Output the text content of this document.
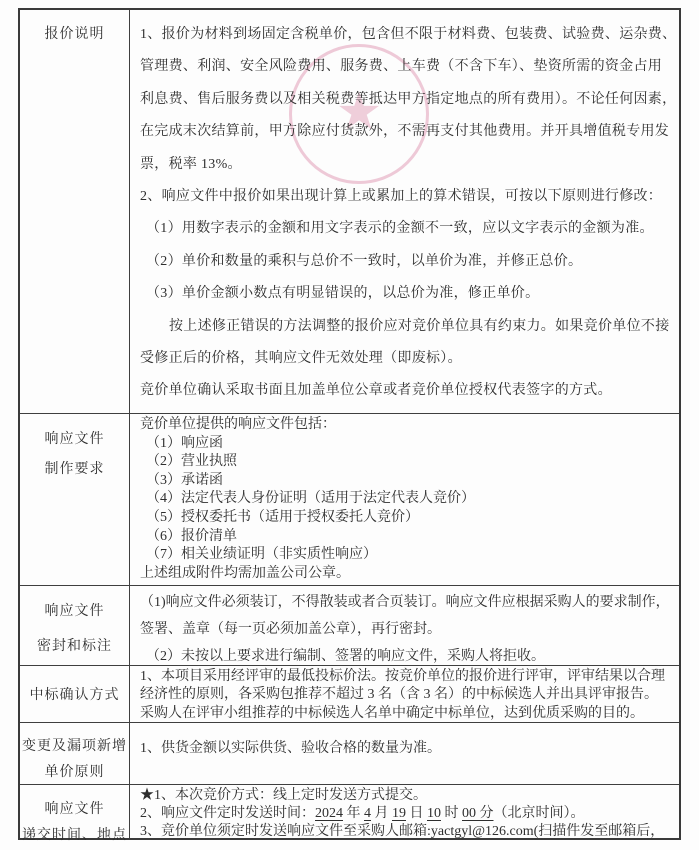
★
报价说明	1、报价为材料到场固定含税单价，包含但不限于材料费、包装费、试验费、运杂费、
管理费、利润、安全风险费用、服务费、上车费（不含下车）、垫资所需的资金占用
利息费、售后服务费以及相关税费等抵达甲方指定地点的所有费用）。不论任何因素，
在完成末次结算前，甲方除应付货款外，不需再支付其他费用。并开具增值税专用发
票，税率 13%。
2、响应文件中报价如果出现计算上或累加上的算术错误，可按以下原则进行修改：
（1）用数字表示的金额和用文字表示的金额不一致，应以文字表示的金额为准。
（2）单价和数量的乘积与总价不一致时，以单价为准，并修正总价。
（3）单价金额小数点有明显错误的，以总价为准，修正单价。
按上述修正错误的方法调整的报价应对竞价单位具有约束力。如果竞价单位不接
受修正后的价格，其响应文件无效处理（即废标）。
竞价单位确认采取书面且加盖单位公章或者竞价单位授权代表签字的方式。
响应文件
制作要求
竞价单位提供的响应文件包括：
（1）响应函
（2）营业执照
（3）承诺函
（4）法定代表人身份证明（适用于法定代表人竞价）
（5）授权委托书（适用于授权委托人竞价）
（6）报价清单
（7）相关业绩证明（非实质性响应）
上述组成附件均需加盖公司公章。
响应文件
密封和标注
（1)响应文件必须装订，不得散装或者合页装订。响应文件应根据采购人的要求制作，
签署、盖章（每一页必须加盖公章），再行密封。
（2）未按以上要求进行编制、签署的响应文件，采购人将拒收。
中标确认方式
1、本项目采用经评审的最低投标价法。按竞价单位的报价进行评审，评审结果以合理
经济性的原则，各采购包推荐不超过 3 名（含 3 名）的中标候选人并出具评审报告。
采购人在评审小组推荐的中标候选人名单中确定中标单位，达到优质采购的目的。
变更及漏项新增
单价原则
1、供货金额以实际供货、验收合格的数量为准。
响应文件
递交时间、地点
★1、本次竞价方式：线上定时发送方式提交。
2、响应文件定时发送时间：2024 年 4 月 19 日 10 时 00 分（北京时间）。
3、竞价单位须定时发送响应文件至采购人邮箱:yactgyl@126.com(扫描件发至邮箱后，
